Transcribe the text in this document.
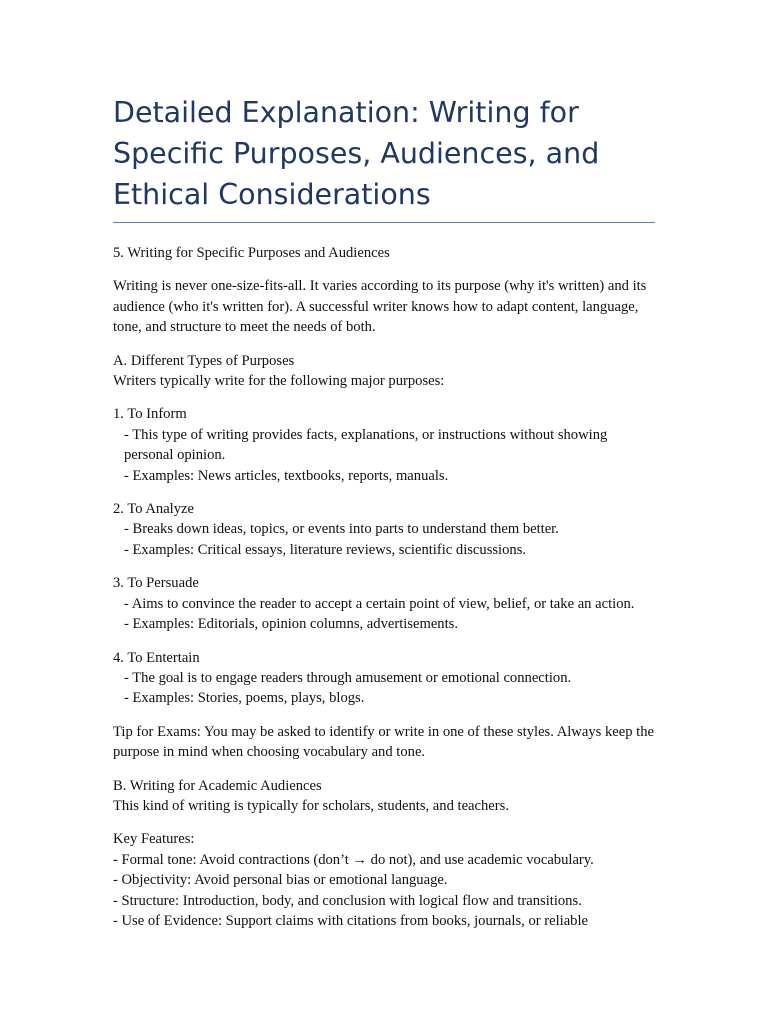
Detailed Explanation: Writing for Specific Purposes, Audiences, and Ethical Considerations
5. Writing for Specific Purposes and Audiences
Writing is never one-size-fits-all. It varies according to its purpose (why it's written) and its audience (who it's written for). A successful writer knows how to adapt content, language, tone, and structure to meet the needs of both.
A. Different Types of Purposes
Writers typically write for the following major purposes:
1. To Inform
- This type of writing provides facts, explanations, or instructions without showing personal opinion.
- Examples: News articles, textbooks, reports, manuals.
2. To Analyze
- Breaks down ideas, topics, or events into parts to understand them better.
- Examples: Critical essays, literature reviews, scientific discussions.
3. To Persuade
- Aims to convince the reader to accept a certain point of view, belief, or take an action.
- Examples: Editorials, opinion columns, advertisements.
4. To Entertain
- The goal is to engage readers through amusement or emotional connection.
- Examples: Stories, poems, plays, blogs.
Tip for Exams: You may be asked to identify or write in one of these styles. Always keep the purpose in mind when choosing vocabulary and tone.
B. Writing for Academic Audiences
This kind of writing is typically for scholars, students, and teachers.
Key Features:
- Formal tone: Avoid contractions (don’t → do not), and use academic vocabulary.
- Objectivity: Avoid personal bias or emotional language.
- Structure: Introduction, body, and conclusion with logical flow and transitions.
- Use of Evidence: Support claims with citations from books, journals, or reliable
